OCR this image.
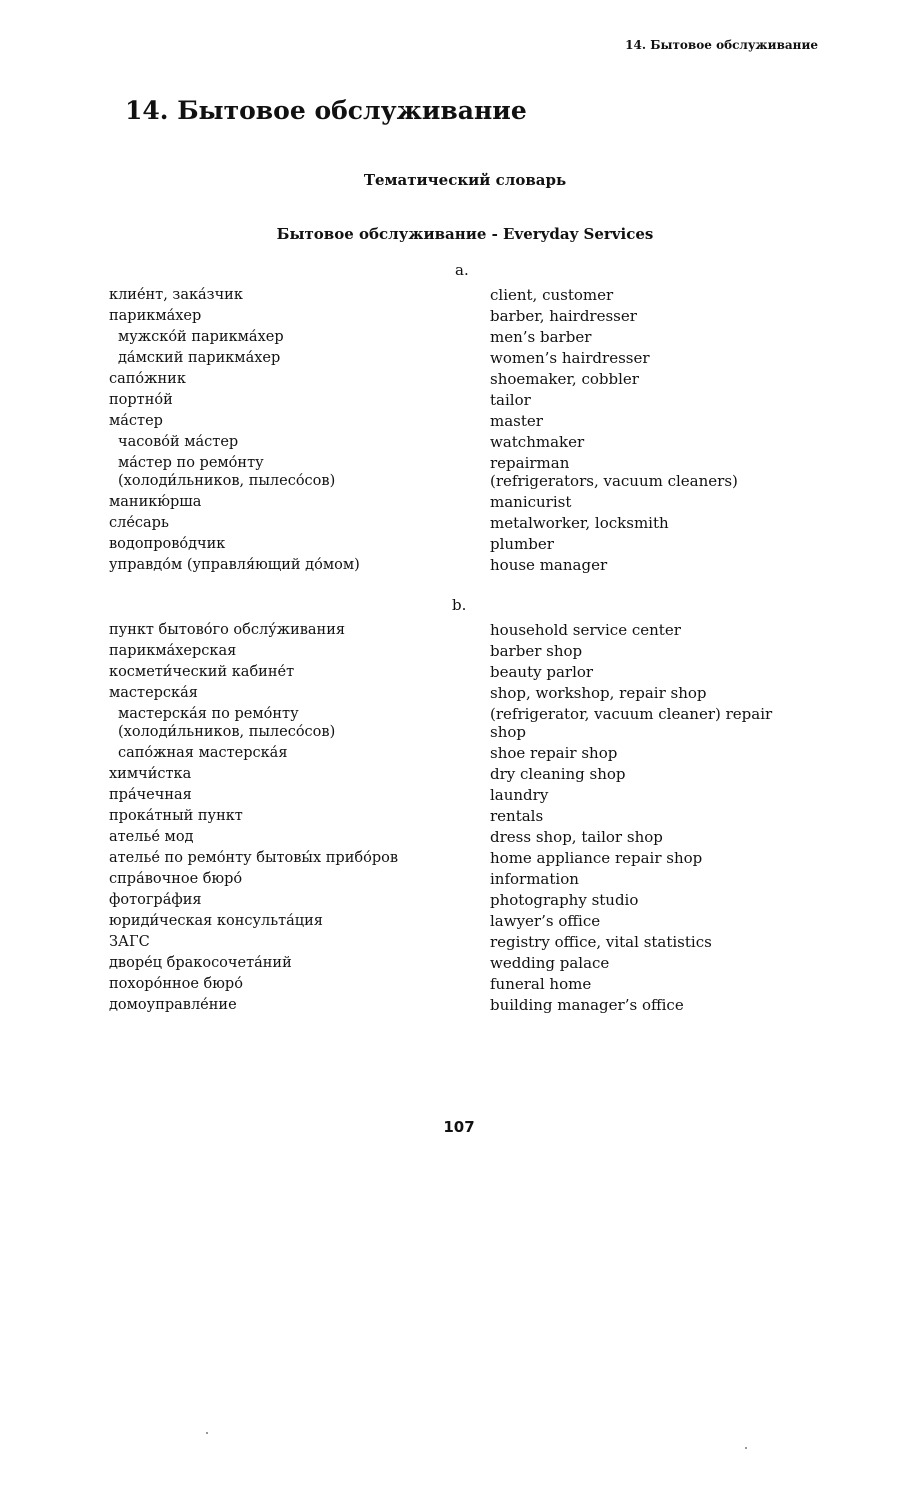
14. Бытовое обслуживание
14. Бытовое обслуживание
Тематический словарь
Бытовое обслуживание - Everyday Services
a.
клие́нт, зака́зчик	client, customer
парикма́хер	barber, hairdresser
мужско́й парикма́хер	men’s barber
да́мский парикма́хер	women’s hairdresser
сапо́жник	shoemaker, cobbler
портно́й	tailor
ма́стер	master
часово́й ма́стер	watchmaker
ма́стер по ремо́нту	repairman
(холоди́льников, пылесо́сов)	(refrigerators, vacuum cleaners)
маникю́рша	manicurist
сле́сарь	metalworker, locksmith
водопрово́дчик	plumber
управдо́м (управля́ющий до́мом)	house manager
b.
пункт бытово́го обслу́живания	household service center
парикма́херская	barber shop
космети́ческий кабине́т	beauty parlor
мастерска́я	shop, workshop, repair shop
мастерска́я по ремо́нту	(refrigerator, vacuum cleaner) repair
(холоди́льников, пылесо́сов)	shop
сапо́жная мастерска́я	shoe repair shop
химчи́стка	dry cleaning shop
пра́чечная	laundry
прока́тный пункт	rentals
ателье́ мод	dress shop, tailor shop
ателье́ по ремо́нту бытовы́х прибо́ров	home appliance repair shop
спра́вочное бюро́	information
фотогра́фия	photography studio
юриди́ческая консульта́ция	lawyer’s office
ЗАГС	registry office, vital statistics
дворе́ц бракосочета́ний	wedding palace
похоро́нное бюро́	funeral home
домоуправле́ние	building manager’s office
107
